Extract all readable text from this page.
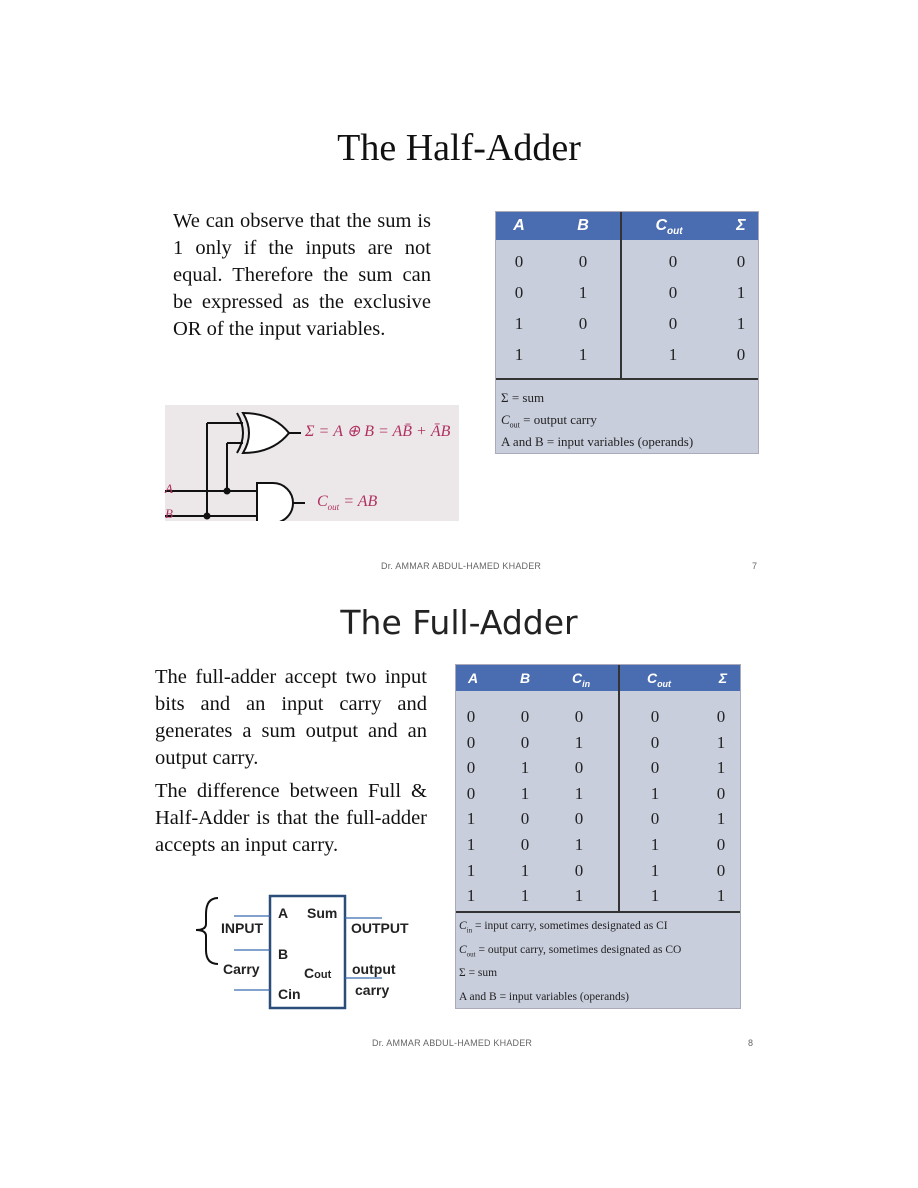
The Half-Adder
We can observe that the sum is 1 only if the inputs are not equal. Therefore the sum can be expressed as the exclusive OR of the input variables.
A	B	$C_{out}$	Σ
0	0	0	0
0	1	0	1
1	0	0	1
1	1	1	0
Σ = sum
$C_{out}$ = output carry
A and B = input variables (operands)
A
B
Σ = A ⊕ B = AB̄ + ĀB
$C_{out}$ = AB
Dr. AMMAR ABDUL-HAMED KHADER	7
The Full-Adder
The full-adder accept two input bits and an input carry and generates a sum output and an output carry.
The difference between Full & Half-Adder is that the full-adder accepts an input carry.
A	B	$C_{in}$	$C_{out}$	Σ
0	0	0	0	0
0	0	1	0	1
0	1	0	0	1
0	1	1	1	0
1	0	0	0	1
1	0	1	1	0
1	1	0	1	0
1	1	1	1	1
$C_{in}$ = input carry, sometimes designated as CI
$C_{out}$ = output carry, sometimes designated as CO
Σ = sum
A and B = input variables (operands)
A Sum
INPUT	OUTPUT
B
Carry	Cout output
carry
Cin
Dr. AMMAR ABDUL-HAMED KHADER	8
